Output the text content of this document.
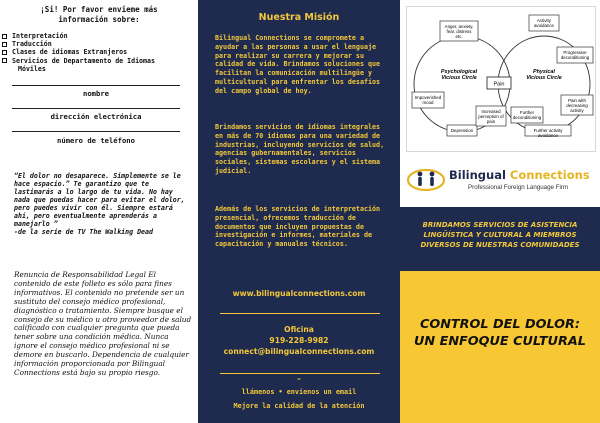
¡Si! Por favor envieme más información sobre:
Interpretación
Traducción
Clases de idiomas Extranjeros
Servicios de Departamento de Idiomas
Móviles
nombre
dirección electrónica
número de teléfono
“El dolor no desaparece. Simplemente se le hace espacio.” Te garantizo que te lastimarás a lo largo de tu vida. No hay nada que puedas hacer para evitar el dolor, pero puedes vivir con él. Siempre estará ahí, pero eventualmente aprenderás a manejarlo ”
-de la serie de TV The Walking Dead
Renuncia de Responsabilidad Legal El contenido de este folleto es sólo para fines informativos. El contenido no pretende ser un sustituto del consejo médico profesional, diagnóstico o tratamiento. Siempre busque el consejo de su médico u otro proveedor de salud calificado con cualquier pregunta que pueda tener sobre una condición médica. Nunca ignore el consejo médico profesional ni se demore en buscarlo. Dependencia de cualquier información proporcionada por Bilingual Connections está bajo su propio riesgo.
Nuestra Misión
Bilingual Connections se compromete a ayudar a las personas a usar el lenguaje para realizar su carrera y mejorar su calidad de vida. Brindamos soluciones que facilitan la comunicación multilingüe y multicultural para enfrentar los desafíos del campo global de hoy.
Brindamos servicios de idiomas integrales en más de 70 idiomas para una variedad de industrias, incluyendo servicios de salud, agencias gubernamentales, servicios sociales, sistemas escolares y el sistema judicial.
Además de los servicios de interpretación presencial, ofrecemos traducción de documentos que incluyen propuestas de investigación e informes, materiales de capacitación y manuales técnicos.
www.bilingualconnections.com
Oficina
919-228-9982
connect@bilingualconnections.com
–
llámenos • envíenos un email
Mejore la calidad de la atención
Anger, anxiety, fear, distress etc.
Impoverished mood
Depression
Increased perception of pain
Psychological Vicious Circle
Pain
Activity avoidance
Progressive deconditioning
Pain with decreasing activity
Further activity avoidance
Further deconditioning
Physical Vicious Circle
Bilingual Connections
Professional Foreign Language Firm
BRINDAMOS SERVICIOS DE ASISTENCIA LINGÜÍSTICA Y CULTURAL A MIEMBROS DIVERSOS DE NUESTRAS COMUNIDADES
CONTROL DEL DOLOR:
UN ENFOQUE CULTURAL
